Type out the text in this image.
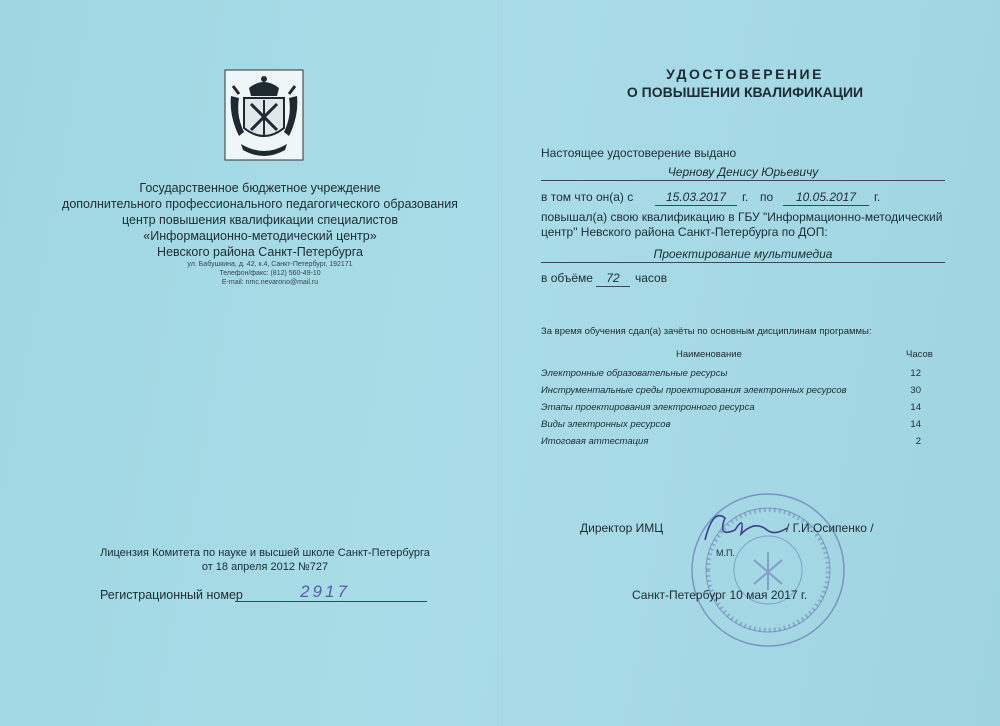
Государственное бюджетное учреждение
дополнительного профессионального педагогического образования
центр повышения квалификации специалистов
«Информационно-методический центр»
Невского района Санкт-Петербурга
ул. Бабушкина, д. 42, к.4, Санкт-Петербург, 192171
Телефон/факс: (812) 560-49-10
E-mail: nmc.nevarono@mail.ru
Лицензия Комитета по науке и высшей школе Санкт-Петербурга
от 18 апреля 2012 №727
Регистрационный номер	2917
УДОСТОВЕРЕНИЕ
О ПОВЫШЕНИИ КВАЛИФИКАЦИИ
Настоящее удостоверение выдано
Чернову Денису Юрьевичу
в том что он(а) с	15.03.2017	г. по	10.05.2017	г.
повышал(а) свою квалификацию в ГБУ "Информационно-методический
центр" Невского района Санкт-Петербурга по ДОП:
Проектирование мультимедиа
в объёме	72	часов
За время обучения сдал(а) зачёты по основным дисциплинам программы:
Наименование	Часов
Электронные образовательные ресурсы	12
Инструментальные среды проектирования электронных ресурсов	30
Этапы проектирования электронного ресурса	14
Виды электронных ресурсов	14
Итоговая аттестация	2
Директор ИМЦ	/ Г.И.Осипенко /
М.П.
Санкт-Петербург 10 мая 2017 г.
